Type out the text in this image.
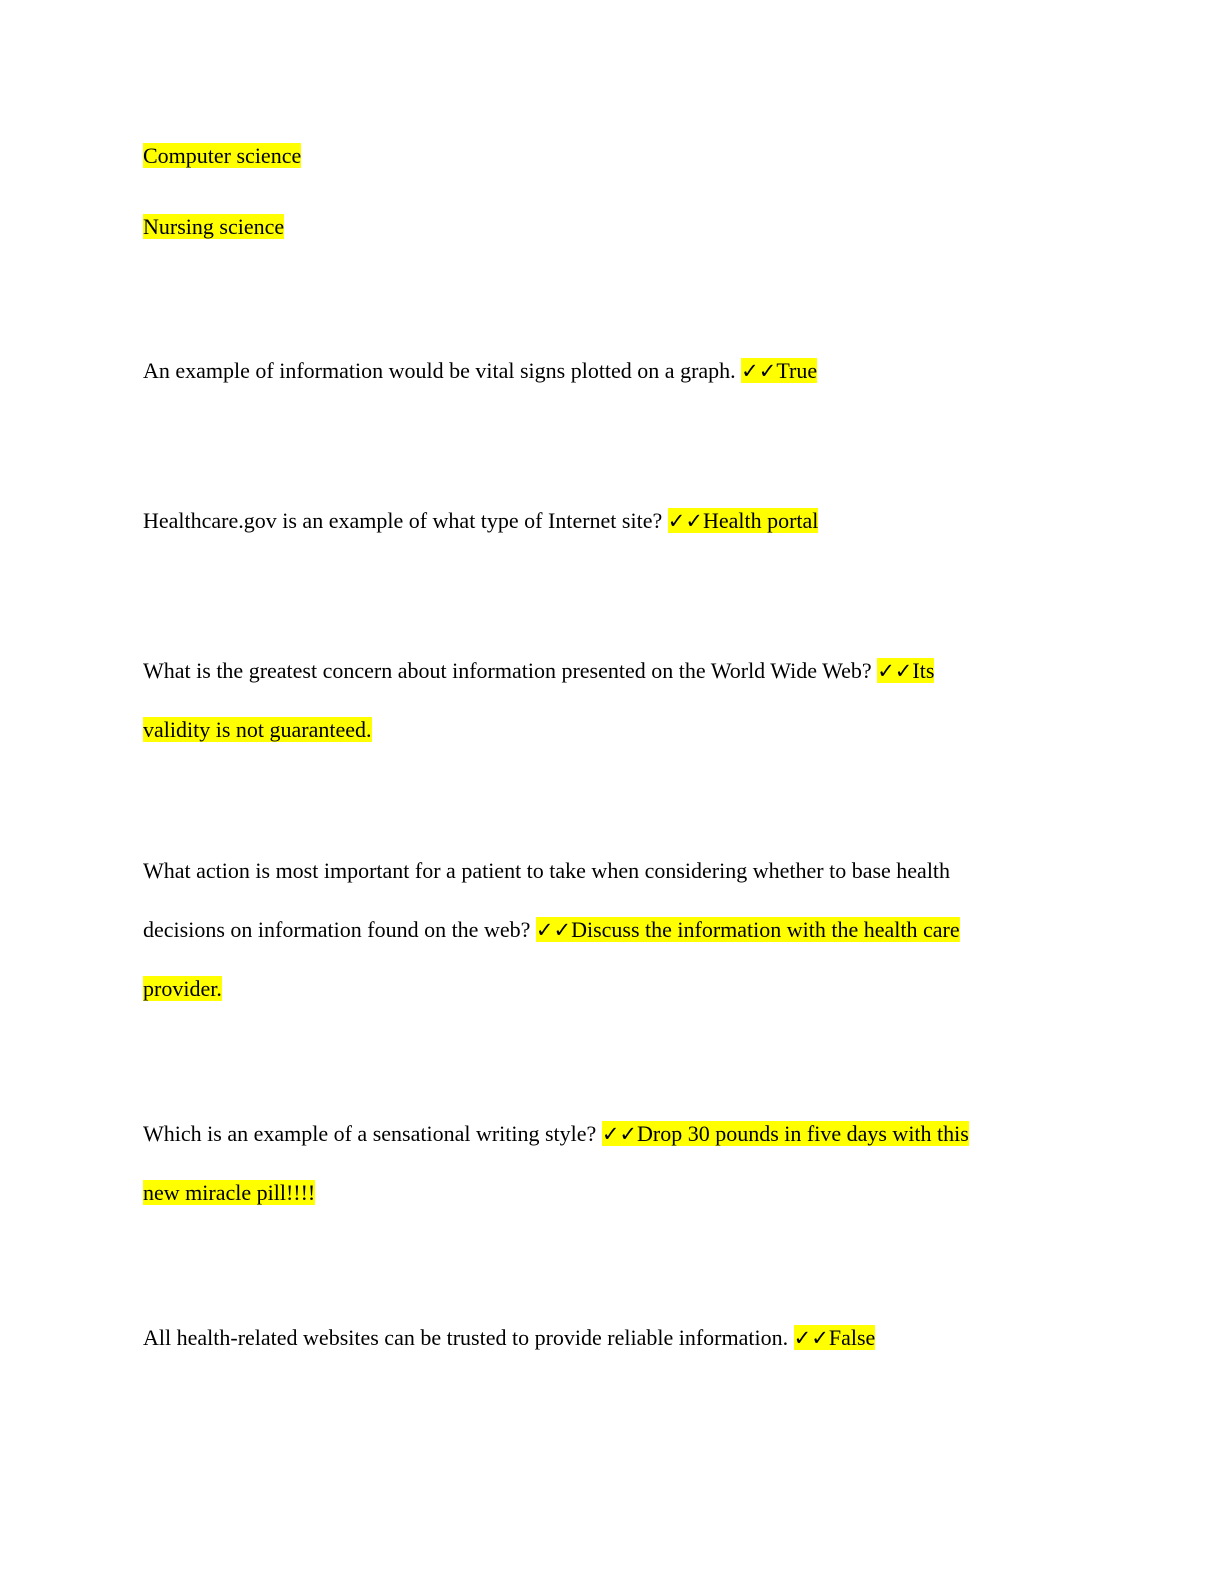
Computer science
Nursing science
An example of information would be vital signs plotted on a graph. ✓✓True
Healthcare.gov is an example of what type of Internet site? ✓✓Health portal
What is the greatest concern about information presented on the World Wide Web? ✓✓Its
validity is not guaranteed.
What action is most important for a patient to take when considering whether to base health
decisions on information found on the web? ✓✓Discuss the information with the health care
provider.
Which is an example of a sensational writing style? ✓✓Drop 30 pounds in five days with this
new miracle pill!!!!
All health-related websites can be trusted to provide reliable information. ✓✓False
